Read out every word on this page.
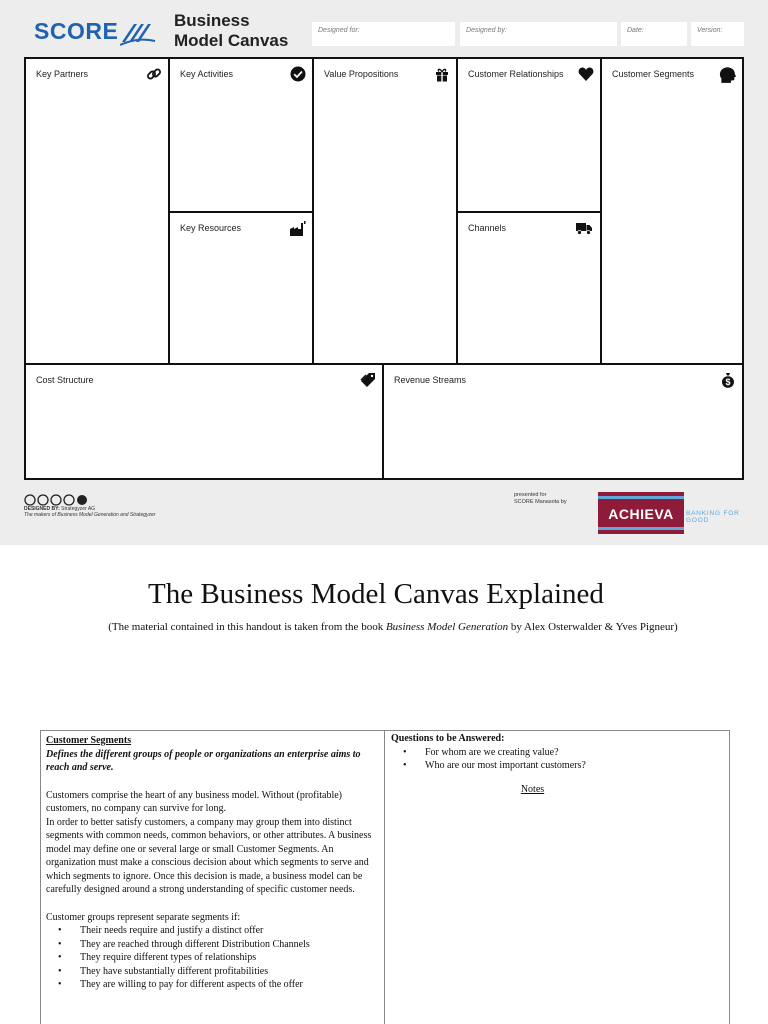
SCORE	Business
Model Canvas
Designed for:	Designed by:	Date:	Version:
Key Partners	Key Activities
Key Resources
Value Propositions	Customer Relationships
Channels
Customer Segments
Cost Structure	Revenue Streams	$
DESIGNED BY: Strategyzer AG
The makers of Business Model Generation and Strategyzer
presented for
SCORE Manasota by
ACHIEVA	BANKING FOR
GOOD
The Business Model Canvas Explained
(The material contained in this handout is taken from the book Business Model Generation by Alex Osterwalder & Yves Pigneur)
Customer Segments
Defines the different groups of people or organizations an enterprise aims to reach and serve.
Customers comprise the heart of any business model. Without (profitable) customers, no company can survive for long.
In order to better satisfy customers, a company may group them into distinct segments with common needs, common behaviors, or other attributes. A business model may define one or several large or small Customer Segments. An organization must make a conscious decision about which segments to serve and which segments to ignore. Once this decision is made, a business model can be carefully designed around a strong understanding of specific customer needs.
Customer groups represent separate segments if:
• Their needs require and justify a distinct offer
• They are reached through different Distribution Channels
• They require different types of relationships
• They have substantially different profitabilities
• They are willing to pay for different aspects of the offer
Questions to be Answered:
• For whom are we creating value?
• Who are our most important customers?
Notes
